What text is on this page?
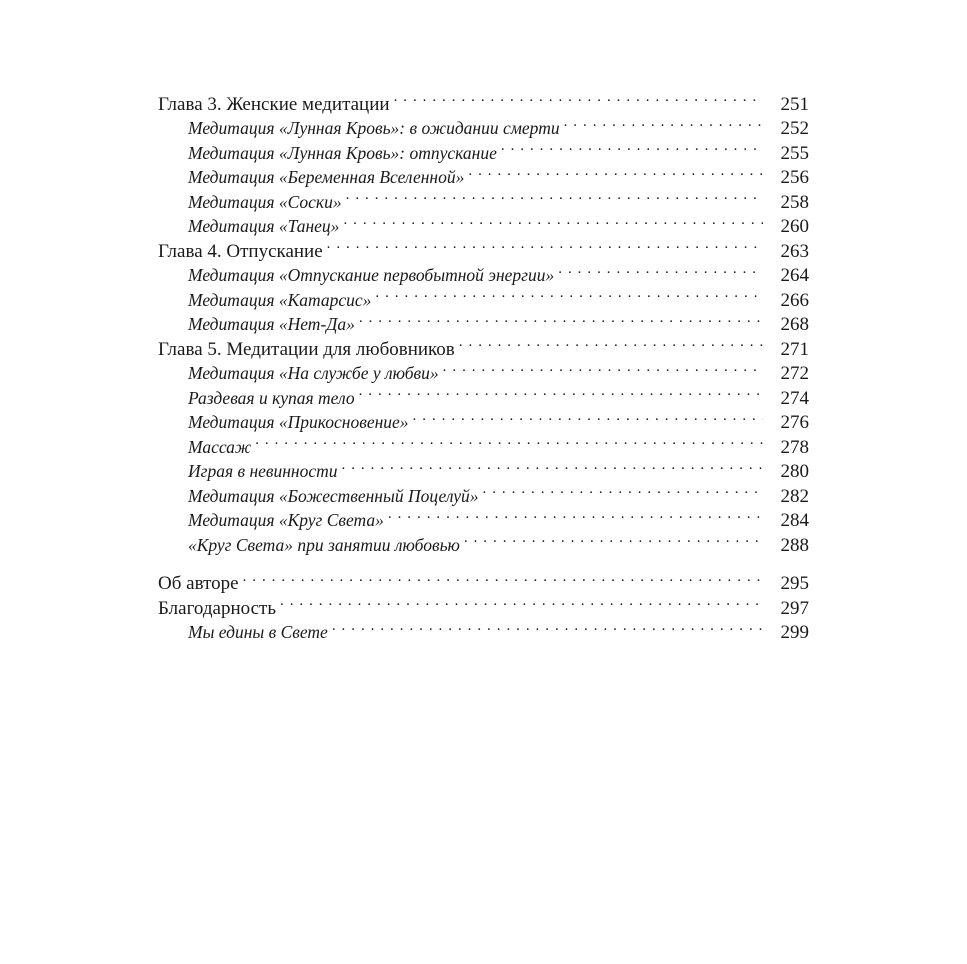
Глава 3. Женские медитации . . .	251
Медитация «Лунная Кровь»: в ожидании смерти . . .	252
Медитация «Лунная Кровь»: отпускание . . .	255
Медитация «Беременная Вселенной» . . .	256
Медитация «Соски» . . .	258
Медитация «Танец» . . .	260
Глава 4. Отпускание . . .	263
Медитация «Отпускание первобытной энергии» . . .	264
Медитация «Катарсис» . . .	266
Медитация «Нет-Да» . . .	268
Глава 5. Медитации для любовников . . .	271
Медитация «На службе у любви» . . .	272
Раздевая и купая тело . . .	274
Медитация «Прикосновение» . . .	276
Массаж . . .	278
Играя в невинности . . .	280
Медитация «Божественный Поцелуй» . . .	282
Медитация «Круг Света» . . .	284
«Круг Света» при занятии любовью . . .	288
Об авторе . . .	295
Благодарность . . .	297
Мы едины в Свете . . .	299
